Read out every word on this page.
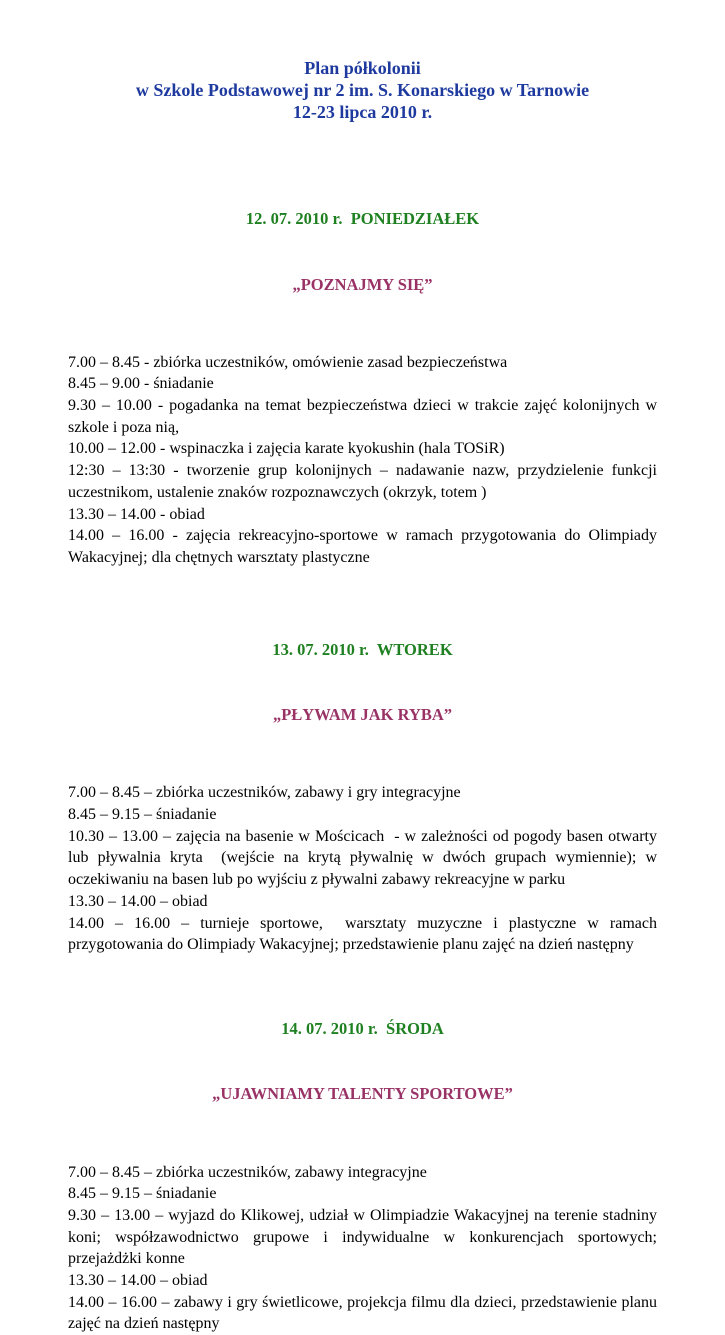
Plan półkolonii
w Szkole Podstawowej nr 2 im. S. Konarskiego w Tarnowie
12-23 lipca 2010 r.

12. 07. 2010 r.  PONIEDZIAŁEK

„POZNAJMY SIĘ”

7.00 – 8.45 - zbiórka uczestników, omówienie zasad bezpieczeństwa

8.45 – 9.00 - śniadanie

9.30 – 10.00 - pogadanka na temat bezpieczeństwa dzieci w trakcie zajęć kolonijnych w szkole i poza nią,

10.00 – 12.00 - wspinaczka i zajęcia karate kyokushin (hala TOSiR)

12:30 – 13:30 - tworzenie grup kolonijnych – nadawanie nazw, przydzielenie funkcji uczestnikom, ustalenie znaków rozpoznawczych (okrzyk, totem )

13.30 – 14.00 - obiad

14.00 – 16.00 - zajęcia rekreacyjno-sportowe w ramach przygotowania do Olimpiady Wakacyjnej; dla chętnych warsztaty plastyczne

13. 07. 2010 r.  WTOREK

„PŁYWAM JAK RYBA”

7.00 – 8.45 – zbiórka uczestników, zabawy i gry integracyjne

8.45 – 9.15 – śniadanie

10.30 – 13.00 – zajęcia na basenie w Mościcach  - w zależności od pogody basen otwarty lub pływalnia kryta  (wejście na krytą pływalnię w dwóch grupach wymiennie); w oczekiwaniu na basen lub po wyjściu z pływalni zabawy rekreacyjne w parku

13.30 – 14.00 – obiad

14.00 – 16.00 – turnieje sportowe,  warsztaty muzyczne i plastyczne w ramach przygotowania do Olimpiady Wakacyjnej; przedstawienie planu zajęć na dzień następny

14. 07. 2010 r.  ŚRODA

„UJAWNIAMY TALENTY SPORTOWE”

7.00 – 8.45 – zbiórka uczestników, zabawy integracyjne

8.45 – 9.15 – śniadanie

9.30 – 13.00 – wyjazd do Klikowej, udział w Olimpiadzie Wakacyjnej na terenie stadniny koni; współzawodnictwo grupowe i indywidualne w konkurencjach sportowych; przejażdżki konne

13.30 – 14.00 – obiad

14.00 – 16.00 – zabawy i gry świetlicowe, projekcja filmu dla dzieci, przedstawienie planu zajęć na dzień następny
